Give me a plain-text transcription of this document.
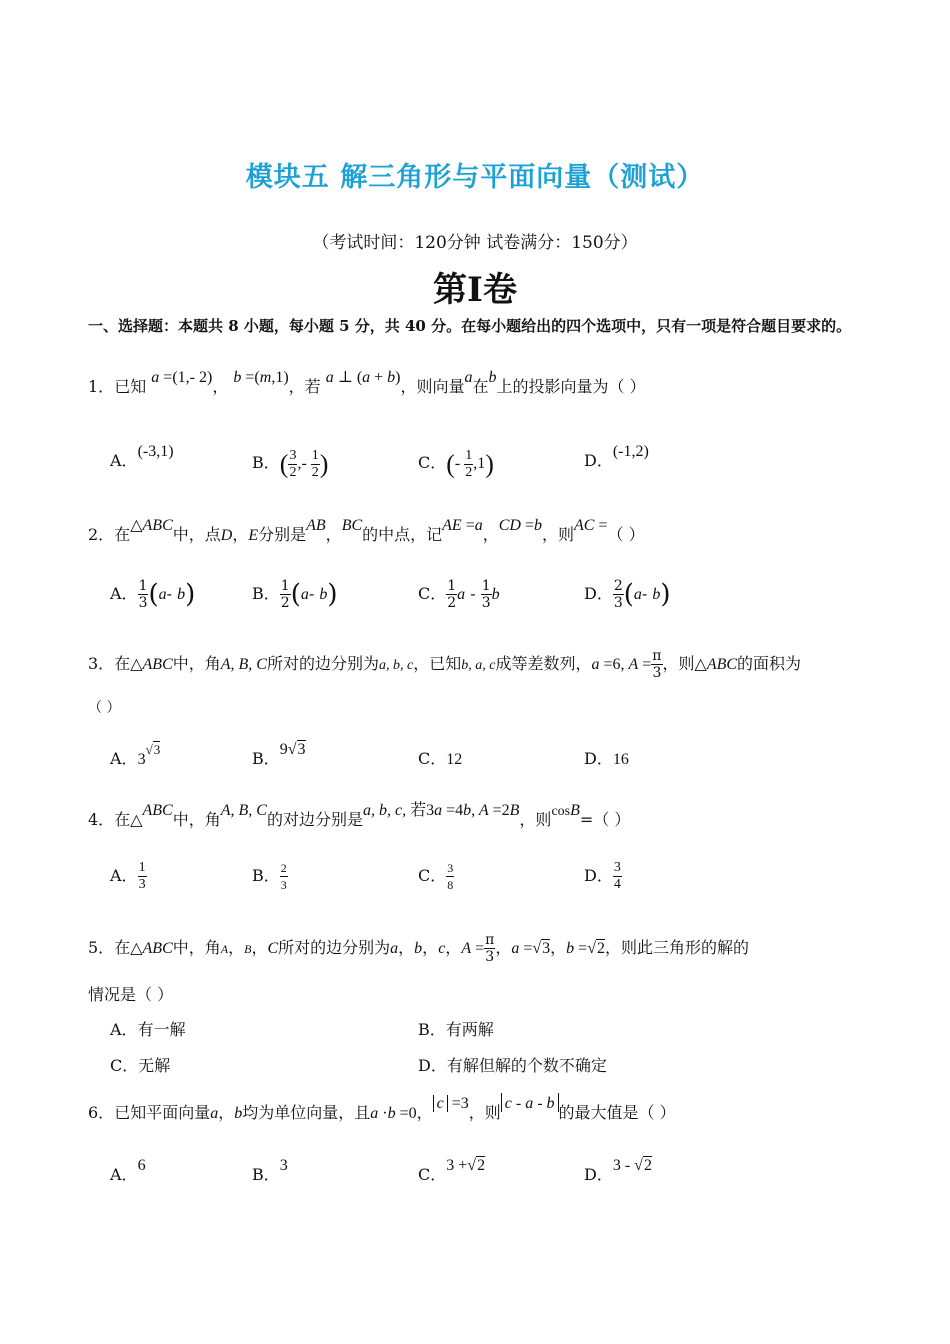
模块五 解三角形与平面向量（测试）
（考试时间：120分钟 试卷满分：150分）
第Ⅰ卷
一、选择题：本题共 8 小题，每小题 5 分，共 40 分。在每小题给出的四个选项中，只有一项是符合题目要求的。
1．已知 a =(1,- 2)， b =(m,1)，若 a ⊥ (a + b)，则向量a在b上的投影向量为（ ）
A．(-3,1)
B．( $\frac{3}{2}$ ,- $\frac{1}{2}$ )	C．(- $\frac{1}{2} ,1$)	D．(-1,2)
2．在△ABC中，点D，E分别是AB，BC的中点，记AE =a，CD =b，则AC =（ ）
A． $\frac{1}{3} (a-$ b)	B． $\frac{1}{2} (a-$ b)	C． $\frac{1}{2}$ a - $\frac{1}{3}$ b	D． $\frac{2}{3} (a-$ b)
3．在△ABC中，角A, B, C所对的边分别为a, b, c，已知b, a, c成等差数列，a =6, $A = \frac{\pi}{3}$ ，则△ABC的面积为
（ ）
A．$3^{√3}$	B．9√3	C．12	D．16
4．在△ABC中，角A, B, C的对边分别是a, b, c, 若3a =4b, A =2B，则cosB=（ ）
A． $\frac{1}{3}$	B． $\frac{2}{3}$	C． $\frac{3}{8}$	D． $\frac{3}{4}$
5．在△ABC中，角A，B，C所对的边分别为a，b，c，$A = \frac{\pi}{3}$ ，a =√3，b =√2，则此三角形的解的
情况是（ ）
A．有一解	B．有两解
C．无解	D．有解但解的个数不确定
6．已知平面向量a，b均为单位向量，且a ·b =0， c =3，则 c - a - b 的最大值是（ ）
A．6	B．3	C．3 +√2	D．3 - √2
